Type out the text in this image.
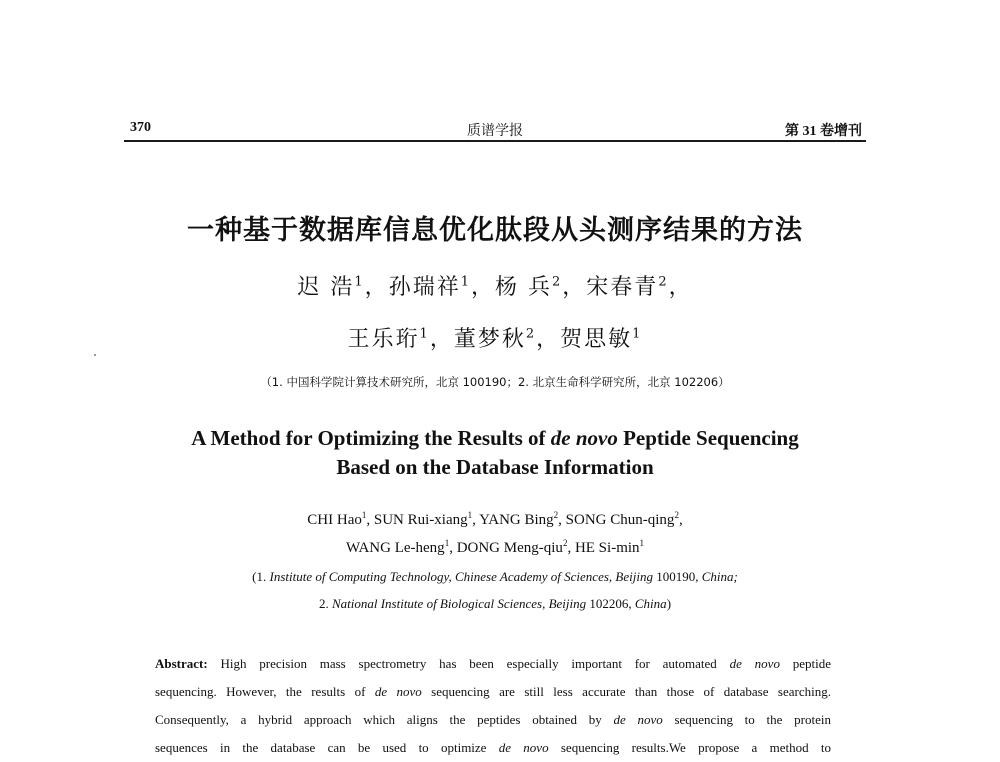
370	质谱学报	第 31 卷增刊
一种基于数据库信息优化肽段从头测序结果的方法
迟 浩$^1$，孙瑞祥$^1$，杨 兵$^2$，宋春青$^2$，
王乐珩$^1$，董梦秋$^2$，贺思敏$^1$
（1. 中国科学院计算技术研究所，北京 100190；2. 北京生命科学研究所，北京 102206）
A Method for Optimizing the Results of de novo Peptide Sequencing
Based on the Database Information
CHI Hao$^1$, SUN Rui-xiang$^1$, YANG Bing$^2$, SONG Chun-qing$^2$,
WANG Le-heng$^1$, DONG Meng-qiu$^2$, HE $Si-\min^1$
(1. Institute of Computing Technology, Chinese Academy of Sciences, Beijing 100190, China;
2. National Institute of Biological Sciences, Beijing 102206, China)
Abstract: High precision mass spectrometry has been especially important for automated de novo peptide
sequencing. However, the results of de novo sequencing are still less accurate than those of database searching.
Consequently, a hybrid approach which aligns the peptides obtained by de novo sequencing to the protein
sequences in the database can be used to optimize de novo sequencing results.We propose a method to
